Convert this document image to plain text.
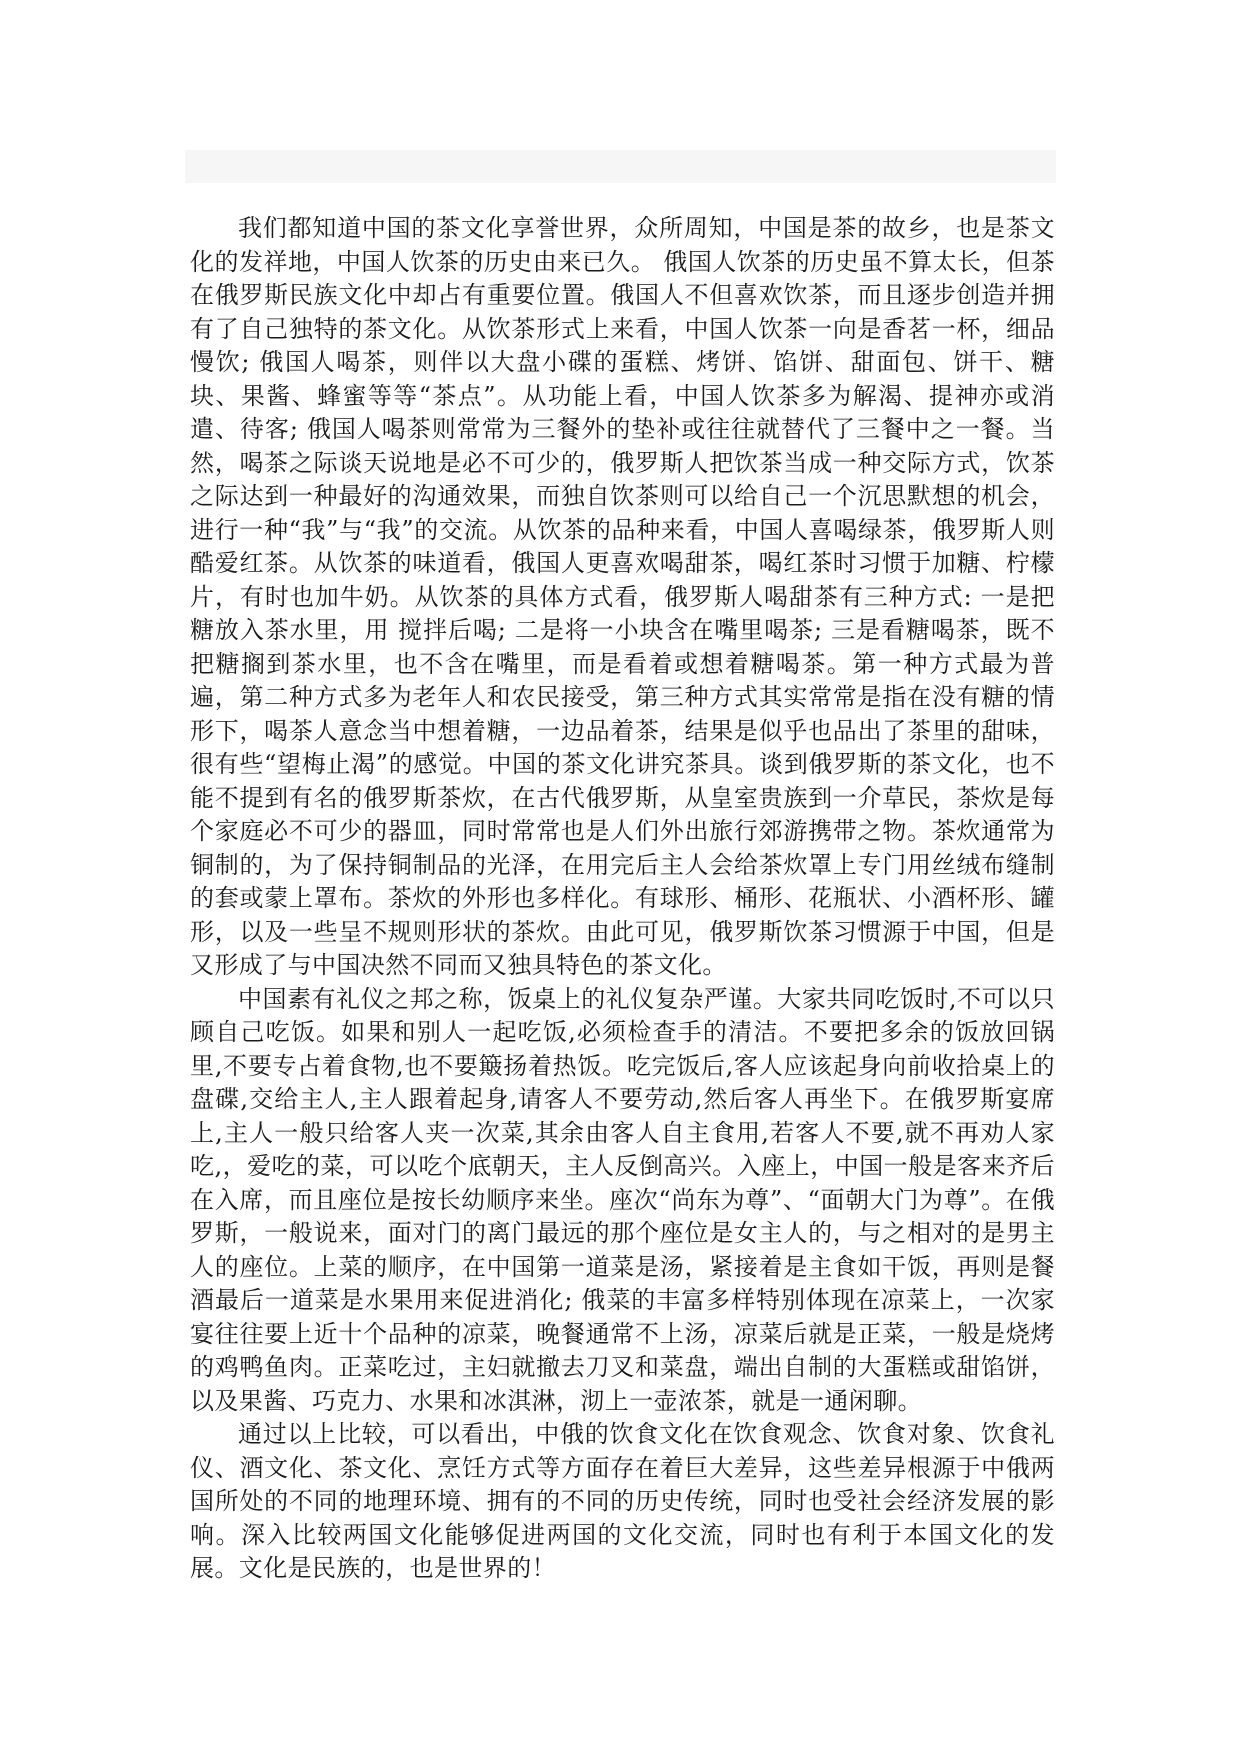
我们都知道中国的茶文化享誉世界，众所周知，中国是茶的故乡，也是茶文化的发祥地，中国人饮茶的历史由来已久。 俄国人饮茶的历史虽不算太长，但茶在俄罗斯民族文化中却占有重要位置。俄国人不但喜欢饮茶，而且逐步创造并拥有了自己独特的茶文化。从饮茶形式上来看，中国人饮茶一向是香茗一杯，细品慢饮; 俄国人喝茶，则伴以大盘小碟的蛋糕、烤饼、馅饼、甜面包、饼干、糖块、果酱、蜂蜜等等“茶点”。从功能上看，中国人饮茶多为解渴、提神亦或消遣、待客; 俄国人喝茶则常常为三餐外的垫补或往往就替代了三餐中之一餐。当然，喝茶之际谈天说地是必不可少的，俄罗斯人把饮茶当成一种交际方式，饮茶之际达到一种最好的沟通效果，而独自饮茶则可以给自己一个沉思默想的机会，进行一种“我”与“我”的交流。从饮茶的品种来看，中国人喜喝绿茶，俄罗斯人则酷爱红茶。从饮茶的味道看，俄国人更喜欢喝甜茶，喝红茶时习惯于加糖、柠檬片，有时也加牛奶。从饮茶的具体方式看，俄罗斯人喝甜茶有三种方式: 一是把糖放入茶水里，用 搅拌后喝; 二是将一小块含在嘴里喝茶; 三是看糖喝茶，既不把糖搁到茶水里，也不含在嘴里，而是看着或想着糖喝茶。第一种方式最为普遍，第二种方式多为老年人和农民接受，第三种方式其实常常是指在没有糖的情形下，喝茶人意念当中想着糖，一边品着茶，结果是似乎也品出了茶里的甜味，很有些“望梅止渴”的感觉。中国的茶文化讲究茶具。谈到俄罗斯的茶文化，也不能不提到有名的俄罗斯茶炊，在古代俄罗斯，从皇室贵族到一介草民，茶炊是每个家庭必不可少的器皿，同时常常也是人们外出旅行郊游携带之物。茶炊通常为铜制的，为了保持铜制品的光泽，在用完后主人会给茶炊罩上专门用丝绒布缝制的套或蒙上罩布。茶炊的外形也多样化。有球形、桶形、花瓶状、小酒杯形、罐形，以及一些呈不规则形状的茶炊。由此可见，俄罗斯饮茶习惯源于中国，但是又形成了与中国决然不同而又独具特色的茶文化。

中国素有礼仪之邦之称，饭桌上的礼仪复杂严谨。大家共同吃饭时,不可以只顾自己吃饭。如果和别人一起吃饭,必须检查手的清洁。不要把多余的饭放回锅里,不要专占着食物,也不要簸扬着热饭。吃完饭后,客人应该起身向前收拾桌上的盘碟,交给主人,主人跟着起身,请客人不要劳动,然后客人再坐下。在俄罗斯宴席上,主人一般只给客人夹一次菜,其余由客人自主食用,若客人不要,就不再劝人家吃,，爱吃的菜，可以吃个底朝天，主人反倒高兴。入座上，中国一般是客来齐后在入席，而且座位是按长幼顺序来坐。座次“尚东为尊”、“面朝大门为尊”。在俄罗斯，一般说来，面对门的离门最远的那个座位是女主人的，与之相对的是男主人的座位。上菜的顺序，在中国第一道菜是汤，紧接着是主食如干饭，再则是餐酒最后一道菜是水果用来促进消化; 俄菜的丰富多样特别体现在凉菜上，一次家宴往往要上近十个品种的凉菜，晚餐通常不上汤，凉菜后就是正菜，一般是烧烤的鸡鸭鱼肉。正菜吃过，主妇就撤去刀叉和菜盘，端出自制的大蛋糕或甜馅饼，以及果酱、巧克力、水果和冰淇淋，沏上一壶浓茶，就是一通闲聊。

通过以上比较，可以看出，中俄的饮食文化在饮食观念、饮食对象、饮食礼仪、酒文化、茶文化、烹饪方式等方面存在着巨大差异，这些差异根源于中俄两国所处的不同的地理环境、拥有的不同的历史传统，同时也受社会经济发展的影响。深入比较两国文化能够促进两国的文化交流，同时也有利于本国文化的发展。文化是民族的，也是世界的！
